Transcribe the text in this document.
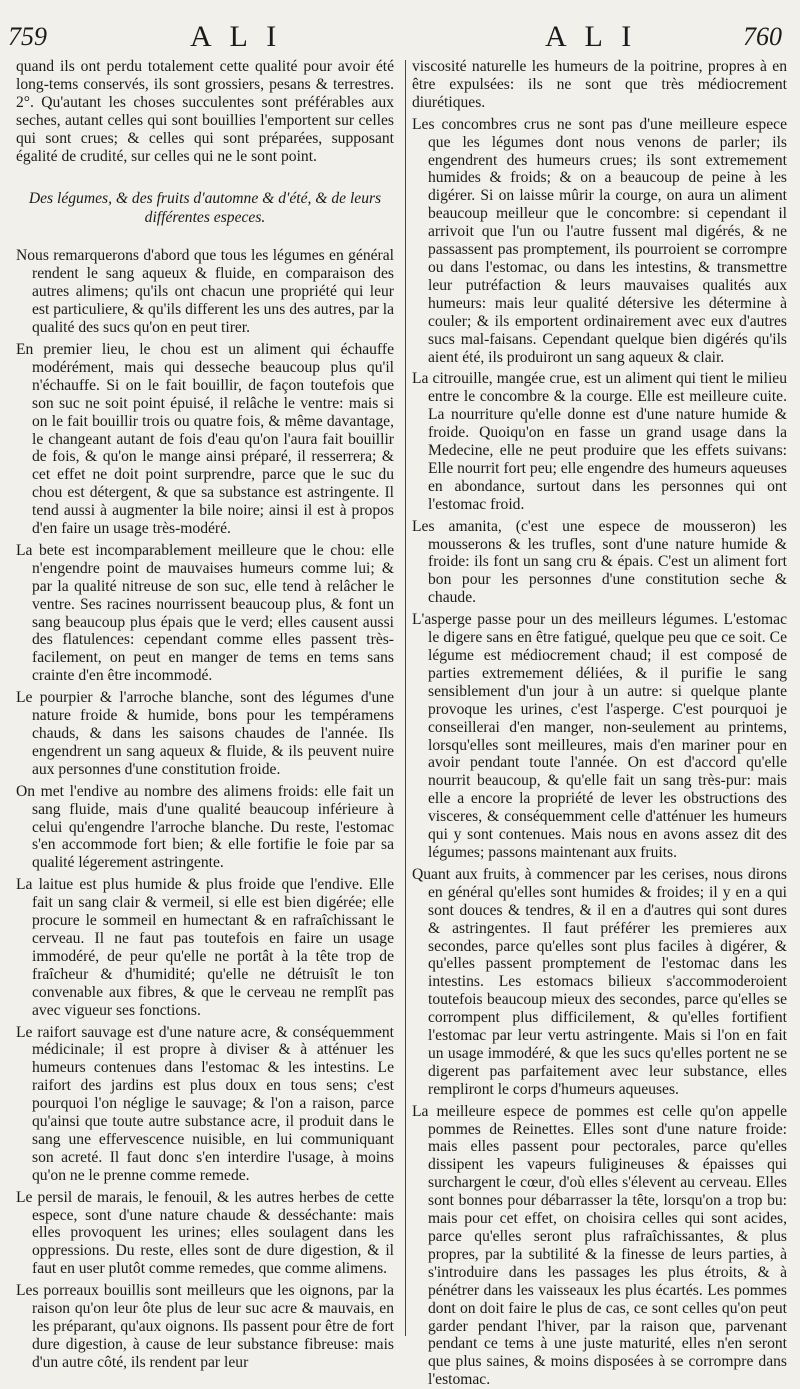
759	A L I	A L I	760

quand ils ont perdu totalement cette qualité pour avoir été long-tems conservés, ils sont grossiers, pesans & terrestres. 2°. Qu'autant les choses succulentes sont préférables aux seches, autant celles qui sont bouillies l'emportent sur celles qui sont crues; & celles qui sont préparées, supposant égalité de crudité, sur celles qui ne le sont point.

Des légumes, & des fruits d'automne & d'été, & de leurs différentes especes.

Nous remarquerons d'abord que tous les légumes en général rendent le sang aqueux & fluide, en comparaison des autres alimens; qu'ils ont chacun une propriété qui leur est particuliere, & qu'ils different les uns des autres, par la qualité des sucs qu'on en peut tirer.

En premier lieu, le chou est un aliment qui échauffe modérément, mais qui desseche beaucoup plus qu'il n'échauffe. Si on le fait bouillir, de façon toutefois que son suc ne soit point épuisé, il relâche le ventre: mais si on le fait bouillir trois ou quatre fois, & même davantage, le changeant autant de fois d'eau qu'on l'aura fait bouillir de fois, & qu'on le mange ainsi préparé, il resserrera; & cet effet ne doit point surprendre, parce que le suc du chou est détergent, & que sa substance est astringente. Il tend aussi à augmenter la bile noire; ainsi il est à propos d'en faire un usage très-modéré.

La bete est incomparablement meilleure que le chou: elle n'engendre point de mauvaises humeurs comme lui; & par la qualité nitreuse de son suc, elle tend à relâcher le ventre. Ses racines nourrissent beaucoup plus, & font un sang beaucoup plus épais que le verd; elles causent aussi des flatulences: cependant comme elles passent très-facilement, on peut en manger de tems en tems sans crainte d'en être incommodé.

Le pourpier & l'arroche blanche, sont des légumes d'une nature froide & humide, bons pour les tempéramens chauds, & dans les saisons chaudes de l'année. Ils engendrent un sang aqueux & fluide, & ils peuvent nuire aux personnes d'une constitution froide.

On met l'endive au nombre des alimens froids: elle fait un sang fluide, mais d'une qualité beaucoup inférieure à celui qu'engendre l'arroche blanche. Du reste, l'estomac s'en accommode fort bien; & elle fortifie le foie par sa qualité légerement astringente.

La laitue est plus humide & plus froide que l'endive. Elle fait un sang clair & vermeil, si elle est bien digérée; elle procure le sommeil en humectant & en rafraîchissant le cerveau. Il ne faut pas toutefois en faire un usage immodéré, de peur qu'elle ne portât à la tête trop de fraîcheur & d'humidité; qu'elle ne détruisît le ton convenable aux fibres, & que le cerveau ne remplît pas avec vigueur ses fonctions.

Le raifort sauvage est d'une nature acre, & conséquemment médicinale; il est propre à diviser & à atténuer les humeurs contenues dans l'estomac & les intestins. Le raifort des jardins est plus doux en tous sens; c'est pourquoi l'on néglige le sauvage; & l'on a raison, parce qu'ainsi que toute autre substance acre, il produit dans le sang une effervescence nuisible, en lui communiquant son acreté. Il faut donc s'en interdire l'usage, à moins qu'on ne le prenne comme remede.

Le persil de marais, le fenouil, & les autres herbes de cette espece, sont d'une nature chaude & desséchante: mais elles provoquent les urines; elles soulagent dans les oppressions. Du reste, elles sont de dure digestion, & il faut en user plutôt comme remedes, que comme alimens.

Les porreaux bouillis sont meilleurs que les oignons, par la raison qu'on leur ôte plus de leur suc acre & mauvais, en les préparant, qu'aux oignons. Ils passent pour être de fort dure digestion, à cause de leur substance fibreuse: mais d'un autre côté, ils rendent par leur

viscosité naturelle les humeurs de la poitrine, propres à en être expulsées: ils ne sont que très médiocrement diurétiques.

Les concombres crus ne sont pas d'une meilleure espece que les légumes dont nous venons de parler; ils engendrent des humeurs crues; ils sont extremement humides & froids; & on a beaucoup de peine à les digérer. Si on laisse mûrir la courge, on aura un aliment beaucoup meilleur que le concombre: si cependant il arrivoit que l'un ou l'autre fussent mal digérés, & ne passassent pas promptement, ils pourroient se corrompre ou dans l'estomac, ou dans les intestins, & transmettre leur putréfaction & leurs mauvaises qualités aux humeurs: mais leur qualité détersive les détermine à couler; & ils emportent ordinairement avec eux d'autres sucs mal-faisans. Cependant quelque bien digérés qu'ils aient été, ils produiront un sang aqueux & clair.

La citrouille, mangée crue, est un aliment qui tient le milieu entre le concombre & la courge. Elle est meilleure cuite. La nourriture qu'elle donne est d'une nature humide & froide. Quoiqu'on en fasse un grand usage dans la Medecine, elle ne peut produire que les effets suivans: Elle nourrit fort peu; elle engendre des humeurs aqueuses en abondance, surtout dans les personnes qui ont l'estomac froid.

Les amanita, (c'est une espece de mousseron) les mousserons & les trufles, sont d'une nature humide & froide: ils font un sang cru & épais. C'est un aliment fort bon pour les personnes d'une constitution seche & chaude.

L'asperge passe pour un des meilleurs légumes. L'estomac le digere sans en être fatigué, quelque peu que ce soit. Ce légume est médiocrement chaud; il est composé de parties extremement déliées, & il purifie le sang sensiblement d'un jour à un autre: si quelque plante provoque les urines, c'est l'asperge. C'est pourquoi je conseillerai d'en manger, non-seulement au printems, lorsqu'elles sont meilleures, mais d'en mariner pour en avoir pendant toute l'année. On est d'accord qu'elle nourrit beaucoup, & qu'elle fait un sang très-pur: mais elle a encore la propriété de lever les obstructions des visceres, & conséquemment celle d'atténuer les humeurs qui y sont contenues. Mais nous en avons assez dit des légumes; passons maintenant aux fruits.

Quant aux fruits, à commencer par les cerises, nous dirons en général qu'elles sont humides & froides; il y en a qui sont douces & tendres, & il en a d'autres qui sont dures & astringentes. Il faut préférer les premieres aux secondes, parce qu'elles sont plus faciles à digérer, & qu'elles passent promptement de l'estomac dans les intestins. Les estomacs bilieux s'accommoderoient toutefois beaucoup mieux des secondes, parce qu'elles se corrompent plus difficilement, & qu'elles fortifient l'estomac par leur vertu astringente. Mais si l'on en fait un usage immodéré, & que les sucs qu'elles portent ne se digerent pas parfaitement avec leur substance, elles rempliront le corps d'humeurs aqueuses.

La meilleure espece de pommes est celle qu'on appelle pommes de Reinettes. Elles sont d'une nature froide: mais elles passent pour pectorales, parce qu'elles dissipent les vapeurs fuligineuses & épaisses qui surchargent le cœur, d'où elles s'élevent au cerveau. Elles sont bonnes pour débarrasser la tête, lorsqu'on a trop bu: mais pour cet effet, on choisira celles qui sont acides, parce qu'elles seront plus rafraîchissantes, & plus propres, par la subtilité & la finesse de leurs parties, à s'introduire dans les passages les plus étroits, & à pénétrer dans les vaisseaux les plus écartés. Les pommes dont on doit faire le plus de cas, ce sont celles qu'on peut garder pendant l'hiver, par la raison que, parvenant pendant ce tems à une juste maturité, elles n'en seront que plus saines, & moins disposées à se corrompre dans l'estomac.
